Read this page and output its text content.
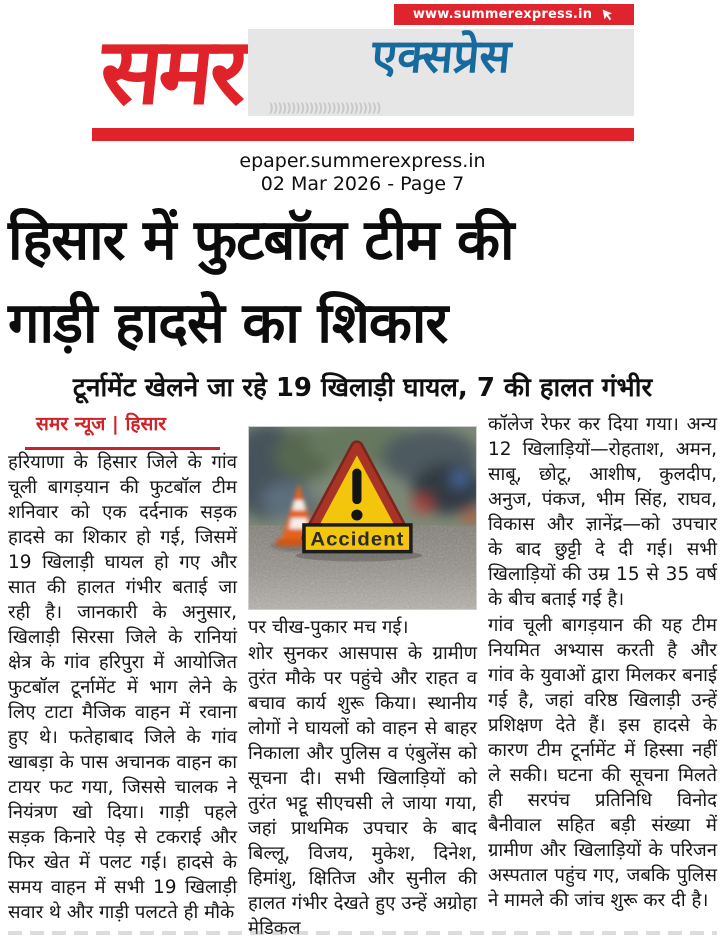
www.summerexpress.in
समर	एक्सप्रेस
)))))))))))))))))))))))))
epaper.summerexpress.in
02 Mar 2026 - Page 7
हिसार में फुटबॉल टीम की
गाड़ी हादसे का शिकार
टूर्नामेंट खेलने जा रहे 19 खिलाड़ी घायल, 7 की हालत गंभीर
समर न्यूज | हिसार

हरियाणा के हिसार जिले के गांव चूली बागड़यान की फुटबॉल टीम शनिवार को एक दर्दनाक सड़क हादसे का शिकार हो गई, जिसमें 19 खिलाड़ी घायल हो गए और सात की हालत गंभीर बताई जा रही है। जानकारी के अनुसार, खिलाड़ी सिरसा जिले के रानियां क्षेत्र के गांव हरिपुरा में आयोजित फुटबॉल टूर्नामेंट में भाग लेने के लिए टाटा मैजिक वाहन में रवाना हुए थे। फतेहाबाद जिले के गांव खाबड़ा के पास अचानक वाहन का टायर फट गया, जिससे चालक ने नियंत्रण खो दिया। गाड़ी पहले सड़क किनारे पेड़ से टकराई और फिर खेत में पलट गई। हादसे के समय वाहन में सभी 19 खिलाड़ी सवार थे और गाड़ी पलटते ही मौके

Accident

पर चीख-पुकार मच गई।

शोर सुनकर आसपास के ग्रामीण तुरंत मौके पर पहुंचे और राहत व बचाव कार्य शुरू किया। स्थानीय लोगों ने घायलों को वाहन से बाहर निकाला और पुलिस व एंबुलेंस को सूचना दी। सभी खिलाड़ियों को तुरंत भट्टू सीएचसी ले जाया गया, जहां प्राथमिक उपचार के बाद बिल्लू, विजय, मुकेश, दिनेश, हिमांशु, क्षितिज और सुनील की हालत गंभीर देखते हुए उन्हें अग्रोहा मेडिकल

कॉलेज रेफर कर दिया गया। अन्य 12 खिलाड़ियों—रोहताश, अमन, साबू, छोटू, आशीष, कुलदीप, अनुज, पंकज, भीम सिंह, राघव, विकास और ज्ञानेंद्र—को उपचार के बाद छुट्टी दे दी गई। सभी खिलाड़ियों की उम्र 15 से 35 वर्ष के बीच बताई गई है।

गांव चूली बागड़यान की यह टीम नियमित अभ्यास करती है और गांव के युवाओं द्वारा मिलकर बनाई गई है, जहां वरिष्ठ खिलाड़ी उन्हें प्रशिक्षण देते हैं। इस हादसे के कारण टीम टूर्नामेंट में हिस्सा नहीं ले सकी। घटना की सूचना मिलते ही सरपंच प्रतिनिधि विनोद बैनीवाल सहित बड़ी संख्या में ग्रामीण और खिलाड़ियों के परिजन अस्पताल पहुंच गए, जबकि पुलिस ने मामले की जांच शुरू कर दी है।
